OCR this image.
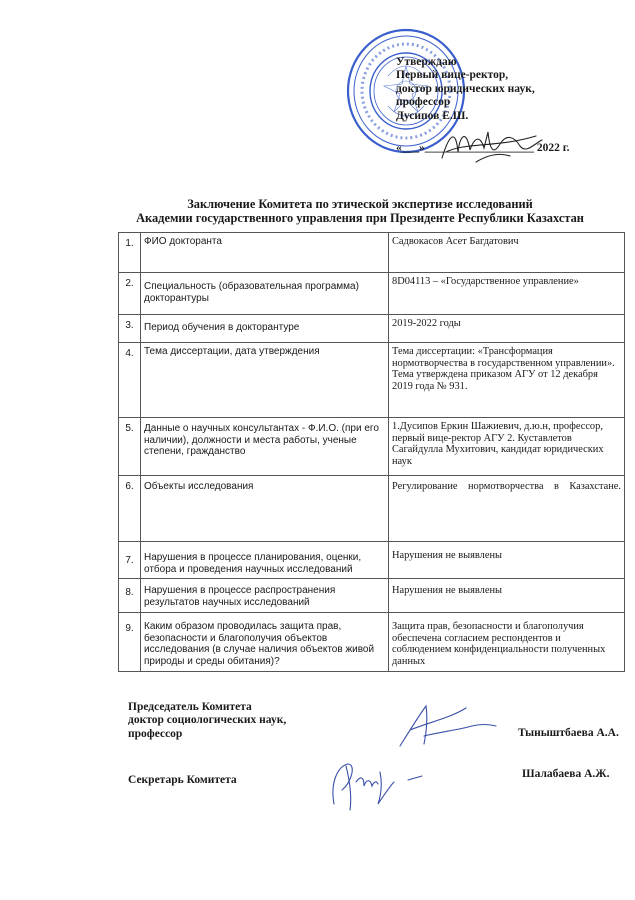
Утверждаю
Первый вице-ректор,
доктор юридических наук,
профессор
Дусипов Е.Ш.
«___»___________________ 2022 г.
Заключение Комитета по этической экспертизе исследований
Академии государственного управления при Президенте Республики Казахстан
1.	ФИО докторанта	Садвокасов Асет Багдатович
2.	Специальность (образовательная программа) докторантуры	8D04113 – «Государственное управление»
3.	Период обучения в докторантуре	2019-2022 годы
4.	Тема диссертации, дата утверждения	Тема диссертации: «Трансформация нормотворчества в государственном управлении». Тема утверждена приказом АГУ от 12 декабря 2019 года № 931.
5.	Данные о научных консультантах - Ф.И.О. (при его наличии), должности и места работы, ученые степени, гражданство	1.Дусипов Еркин Шажиевич, д.ю.н, профессор, первый вице-ректор АГУ 2. Куставлетов Сагайдулла Мухитович, кандидат юридических наук
6.	Объекты исследования	Регулирование нормотворчества в Казахстане.
7.	Нарушения в процессе планирования, оценки, отбора и проведения научных исследований	Нарушения не выявлены
8.	Нарушения в процессе распространения результатов научных исследований	Нарушения не выявлены
9.	Каким образом проводилась защита прав, безопасности и благополучия объектов исследования (в случае наличия объектов живой природы и среды обитания)?	Защита прав, безопасности и благополучия обеспечена согласием респондентов и соблюдением конфиденциальности полученных данных
Председатель Комитета
доктор социологических наук,
профессор	Тыныштбаева А.А.
Секретарь Комитета	Шалабаева А.Ж.
